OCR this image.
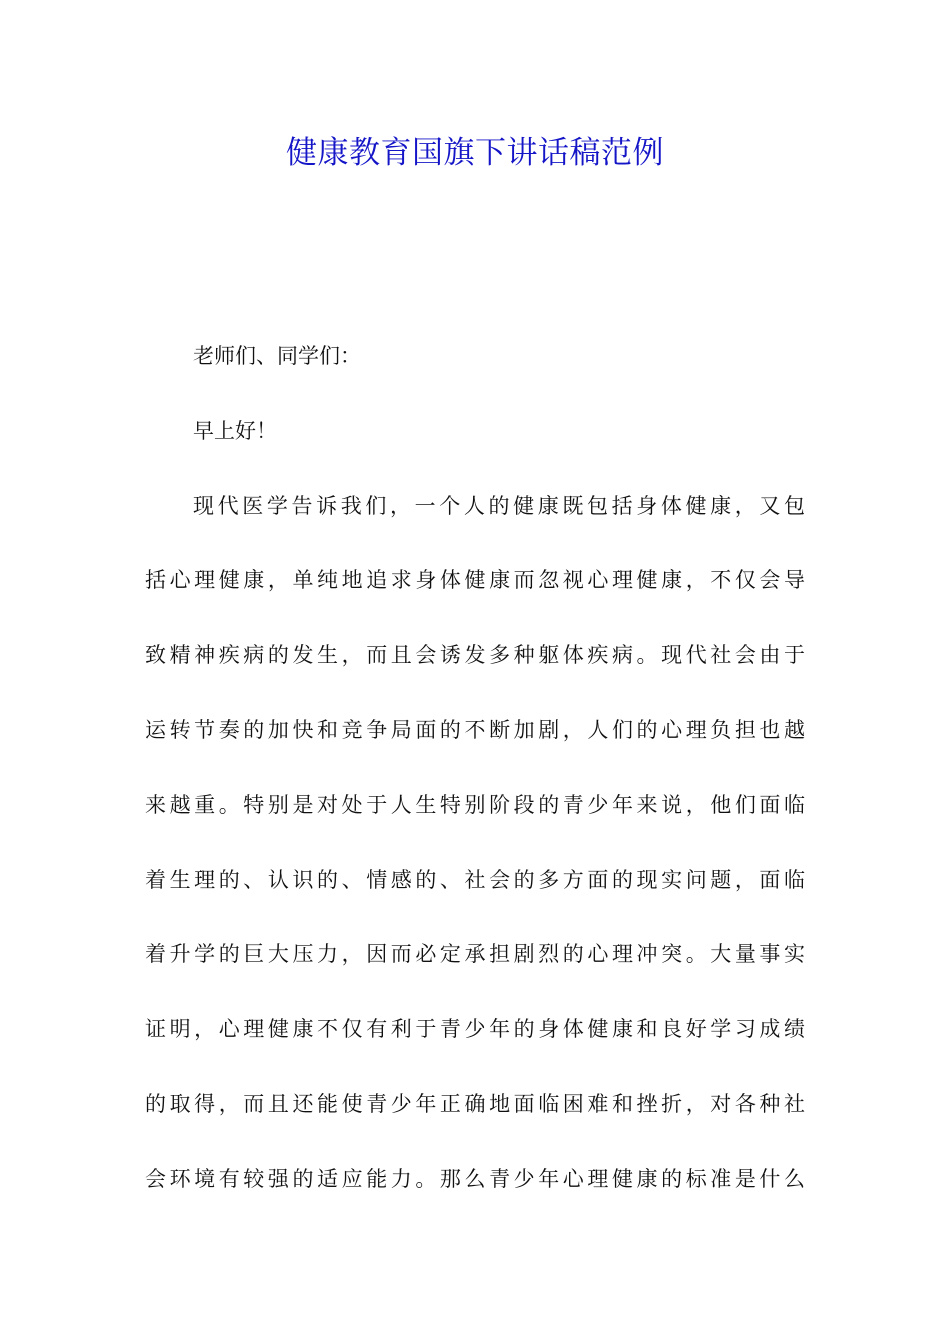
健康教育国旗下讲话稿范例
老师们、同学们：
早上好！
现代医学告诉我们，一个人的健康既包括身体健康，又包
括心理健康，单纯地追求身体健康而忽视心理健康，不仅会导
致精神疾病的发生，而且会诱发多种躯体疾病。现代社会由于
运转节奏的加快和竞争局面的不断加剧，人们的心理负担也越
来越重。特别是对处于人生特别阶段的青少年来说，他们面临
着生理的、认识的、情感的、社会的多方面的现实问题，面临
着升学的巨大压力，因而必定承担剧烈的心理冲突。大量事实
证明，心理健康不仅有利于青少年的身体健康和良好学习成绩
的取得，而且还能使青少年正确地面临困难和挫折，对各种社
会环境有较强的适应能力。那么青少年心理健康的标准是什么
